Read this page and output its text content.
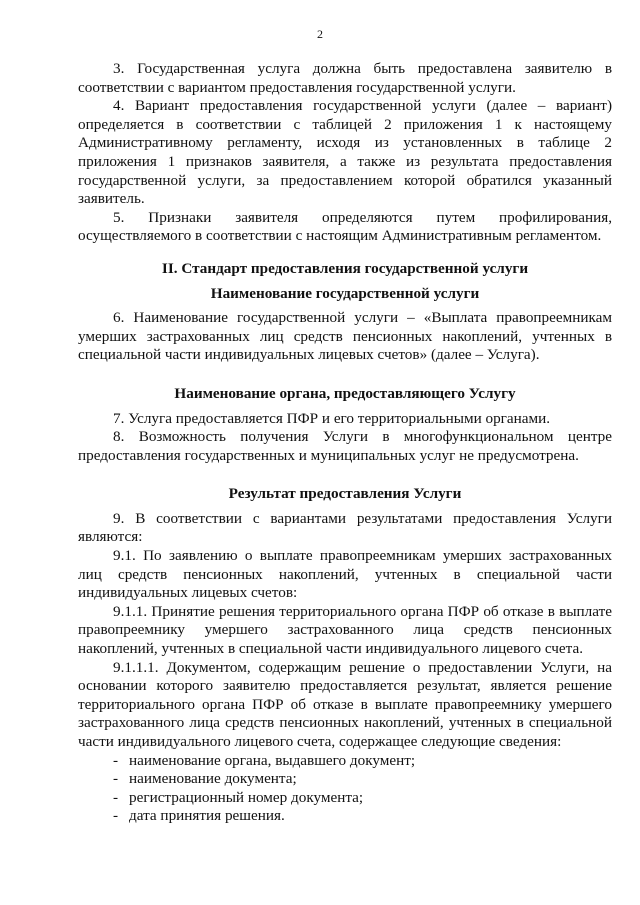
2

3. Государственная услуга должна быть предоставлена заявителю в соответствии с вариантом предоставления государственной услуги.

4. Вариант предоставления государственной услуги (далее – вариант) определяется в соответствии с таблицей 2 приложения 1 к настоящему Административному регламенту, исходя из установленных в таблице 2 приложения 1 признаков заявителя, а также из результата предоставления государственной услуги, за предоставлением которой обратился указанный заявитель.

5. Признаки заявителя определяются путем профилирования, осуществляемого в соответствии с настоящим Административным регламентом.

II. Стандарт предоставления государственной услуги

Наименование государственной услуги

6. Наименование государственной услуги – «Выплата правопреемникам умерших застрахованных лиц средств пенсионных накоплений, учтенных в специальной части индивидуальных лицевых счетов» (далее – Услуга).

Наименование органа, предоставляющего Услугу

7. Услуга предоставляется ПФР и его территориальными органами.

8. Возможность получения Услуги в многофункциональном центре предоставления государственных и муниципальных услуг не предусмотрена.

Результат предоставления Услуги

9. В соответствии с вариантами результатами предоставления Услуги являются:

9.1. По заявлению о выплате правопреемникам умерших застрахованных лиц средств пенсионных накоплений, учтенных в специальной части индивидуальных лицевых счетов:

9.1.1. Принятие решения территориального органа ПФР об отказе в выплате правопреемнику умершего застрахованного лица средств пенсионных накоплений, учтенных в специальной части индивидуального лицевого счета.

9.1.1.1. Документом, содержащим решение о предоставлении Услуги, на основании которого заявителю предоставляется результат, является решение территориального органа ПФР об отказе в выплате правопреемнику умершего застрахованного лица средств пенсионных накоплений, учтенных в специальной части индивидуального лицевого счета, содержащее следующие сведения:

- наименование органа, выдавшего документ;
- наименование документа;
- регистрационный номер документа;
- дата принятия решения.
